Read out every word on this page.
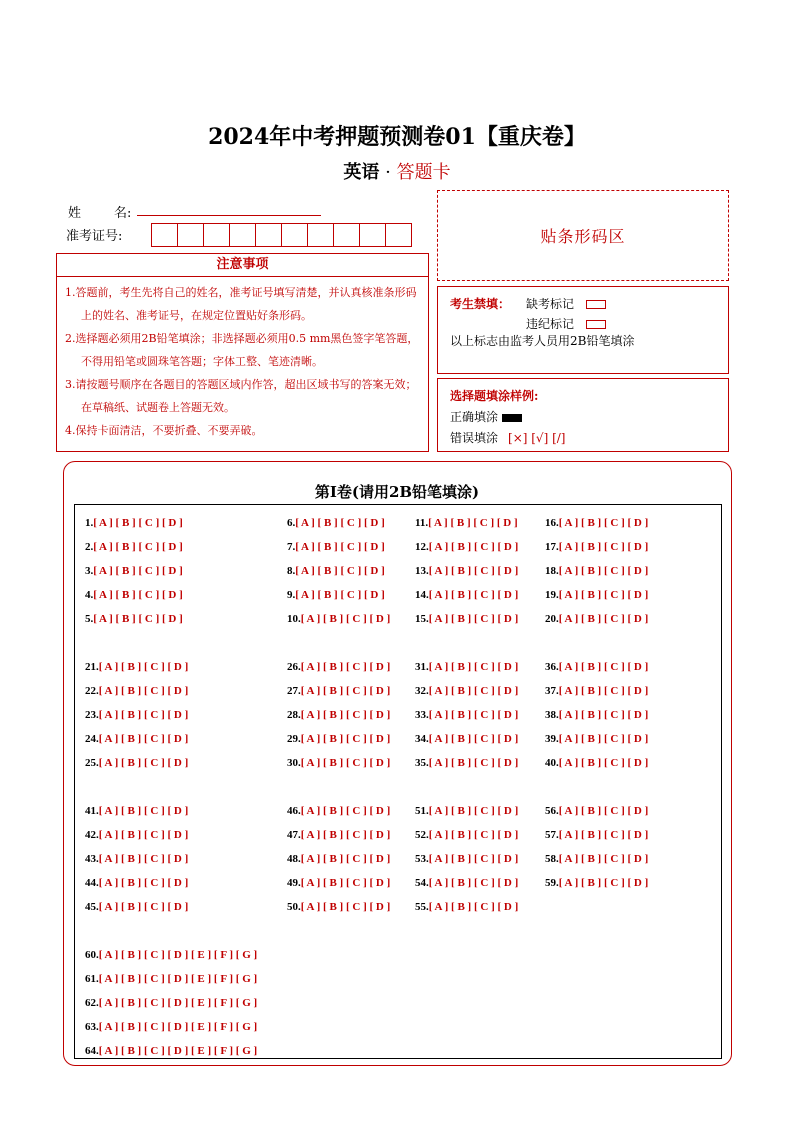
2024年中考押题预测卷01【重庆卷】
英语 · 答题卡
姓        名:
准考证号:	贴条形码区
注意事项
1.答题前，考生先将自己的姓名，准考证号填写清楚，并认真核准条形码上的姓名、准考证号，在规定位置贴好条形码。
2.选择题必须用2B铅笔填涂；非选择题必须用0.5 mm黑色签字笔答题，不得用铅笔或圆珠笔答题；字体工整、笔迹清晰。
3.请按题号顺序在各题目的答题区域内作答，超出区域书写的答案无效；在草稿纸、试题卷上答题无效。
4.保持卡面清洁，不要折叠、不要弄破。
考生禁填： 缺考标记
违纪标记
以上标志由监考人员用2B铅笔填涂
选择题填涂样例:
正确填涂
错误填涂 [×] [√] [/]
第Ⅰ卷(请用2B铅笔填涂)
1.[ A ] [ B ] [ C ] [ D ]
2.[ A ] [ B ] [ C ] [ D ]
3.[ A ] [ B ] [ C ] [ D ]
4.[ A ] [ B ] [ C ] [ D ]
5.[ A ] [ B ] [ C ] [ D ]
6.[ A ] [ B ] [ C ] [ D ]
7.[ A ] [ B ] [ C ] [ D ]
8.[ A ] [ B ] [ C ] [ D ]
9.[ A ] [ B ] [ C ] [ D ]
10.[ A ] [ B ] [ C ] [ D ]
11.[ A ] [ B ] [ C ] [ D ]
12.[ A ] [ B ] [ C ] [ D ]
13.[ A ] [ B ] [ C ] [ D ]
14.[ A ] [ B ] [ C ] [ D ]
15.[ A ] [ B ] [ C ] [ D ]
16.[ A ] [ B ] [ C ] [ D ]
17.[ A ] [ B ] [ C ] [ D ]
18.[ A ] [ B ] [ C ] [ D ]
19.[ A ] [ B ] [ C ] [ D ]
20.[ A ] [ B ] [ C ] [ D ]
21.[ A ] [ B ] [ C ] [ D ]
22.[ A ] [ B ] [ C ] [ D ]
23.[ A ] [ B ] [ C ] [ D ]
24.[ A ] [ B ] [ C ] [ D ]
25.[ A ] [ B ] [ C ] [ D ]
26.[ A ] [ B ] [ C ] [ D ]
27.[ A ] [ B ] [ C ] [ D ]
28.[ A ] [ B ] [ C ] [ D ]
29.[ A ] [ B ] [ C ] [ D ]
30.[ A ] [ B ] [ C ] [ D ]
31.[ A ] [ B ] [ C ] [ D ]
32.[ A ] [ B ] [ C ] [ D ]
33.[ A ] [ B ] [ C ] [ D ]
34.[ A ] [ B ] [ C ] [ D ]
35.[ A ] [ B ] [ C ] [ D ]
36.[ A ] [ B ] [ C ] [ D ]
37.[ A ] [ B ] [ C ] [ D ]
38.[ A ] [ B ] [ C ] [ D ]
39.[ A ] [ B ] [ C ] [ D ]
40.[ A ] [ B ] [ C ] [ D ]
41.[ A ] [ B ] [ C ] [ D ]
42.[ A ] [ B ] [ C ] [ D ]
43.[ A ] [ B ] [ C ] [ D ]
44.[ A ] [ B ] [ C ] [ D ]
45.[ A ] [ B ] [ C ] [ D ]
46.[ A ] [ B ] [ C ] [ D ]
47.[ A ] [ B ] [ C ] [ D ]
48.[ A ] [ B ] [ C ] [ D ]
49.[ A ] [ B ] [ C ] [ D ]
50.[ A ] [ B ] [ C ] [ D ]
51.[ A ] [ B ] [ C ] [ D ]
52.[ A ] [ B ] [ C ] [ D ]
53.[ A ] [ B ] [ C ] [ D ]
54.[ A ] [ B ] [ C ] [ D ]
55.[ A ] [ B ] [ C ] [ D ]
56.[ A ] [ B ] [ C ] [ D ]
57.[ A ] [ B ] [ C ] [ D ]
58.[ A ] [ B ] [ C ] [ D ]
59.[ A ] [ B ] [ C ] [ D ]
60.[ A ] [ B ] [ C ] [ D ] [ E ] [ F ] [ G ]
61.[ A ] [ B ] [ C ] [ D ] [ E ] [ F ] [ G ]
62.[ A ] [ B ] [ C ] [ D ] [ E ] [ F ] [ G ]
63.[ A ] [ B ] [ C ] [ D ] [ E ] [ F ] [ G ]
64.[ A ] [ B ] [ C ] [ D ] [ E ] [ F ] [ G ]
